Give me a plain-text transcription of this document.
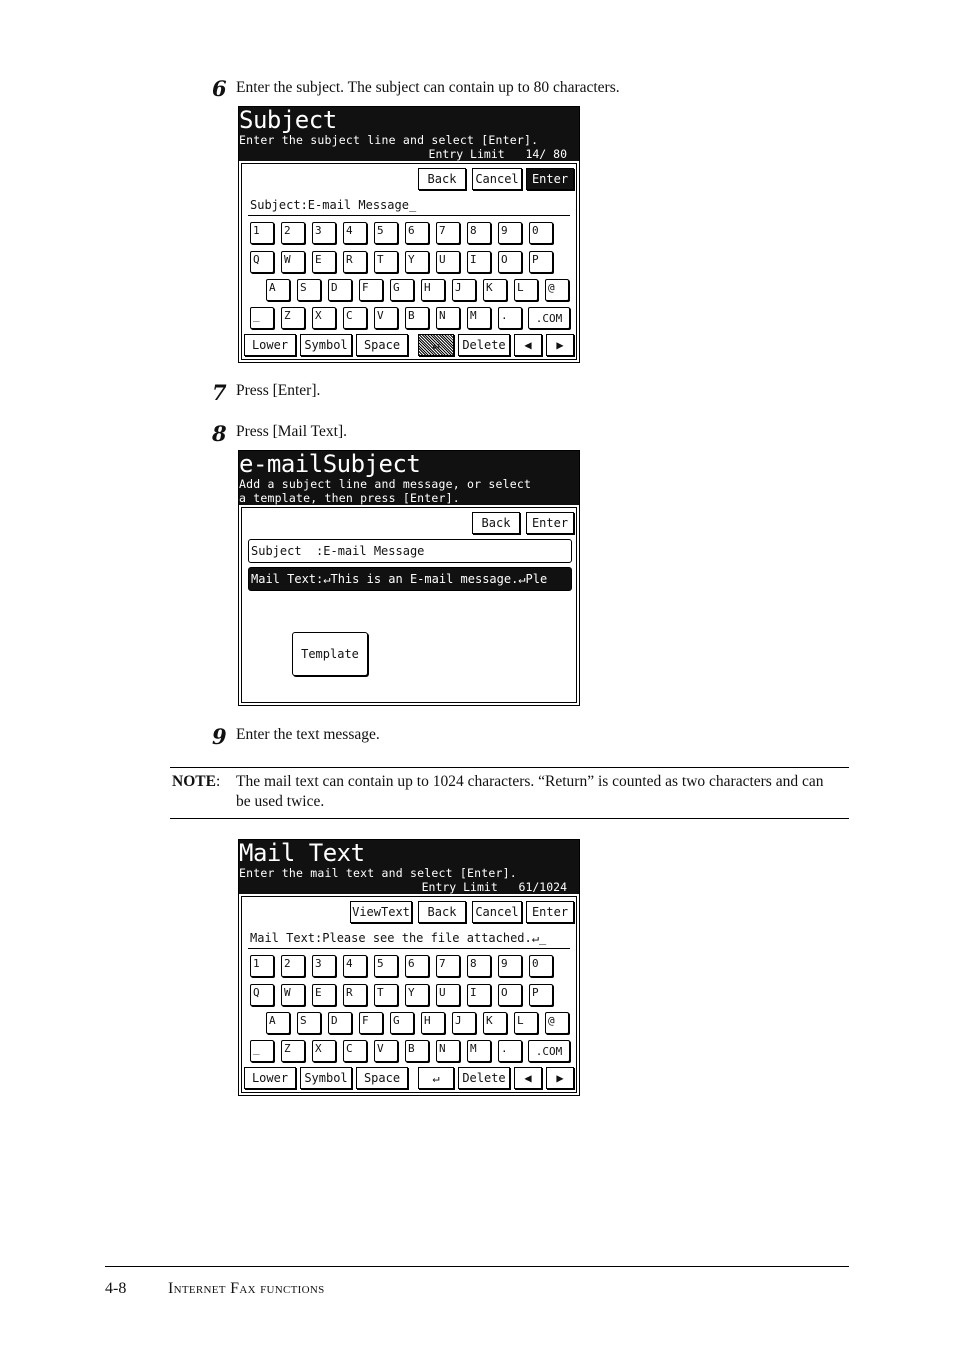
6 Enter the subject. The subject can contain up to 80 characters.
Subject
Enter the subject line and select [Enter].
Entry Limit   14/ 80
Back	Cancel	Enter
Subject:E-mail Message_
1	2	3	4	5	6	7	8	9	0
Q	W	E	R	T	Y	U	I	O	P
A	S	D	F	G	H	J	K	L	@
_	Z	X	C	V	B	N	M	.	.COM
Lower	Symbol	Space	↵	Delete	◀	▶
7 Press [Enter].
8 Press [Mail Text].
e-mailSubject
Add a subject line and message, or select
a template, then press [Enter].
Back	Enter
Subject  :E-mail Message
Mail Text:↵This is an E-mail message.↵Ple
Template
9 Enter the text message.
NOTE: The mail text can contain up to 1024 characters. “Return” is counted as two characters and can be used twice.
Mail Text
Enter the mail text and select [Enter].
Entry Limit   61/1024
ViewText	Back	Cancel	Enter
Mail Text:Please see the file attached.↵_
1	2	3	4	5	6	7	8	9	0
Q	W	E	R	T	Y	U	I	O	P
A	S	D	F	G	H	J	K	L	@
_	Z	X	C	V	B	N	M	.	.COM
Lower	Symbol	Space	↵	Delete	◀	▶
4-8	Internet Fax functions
